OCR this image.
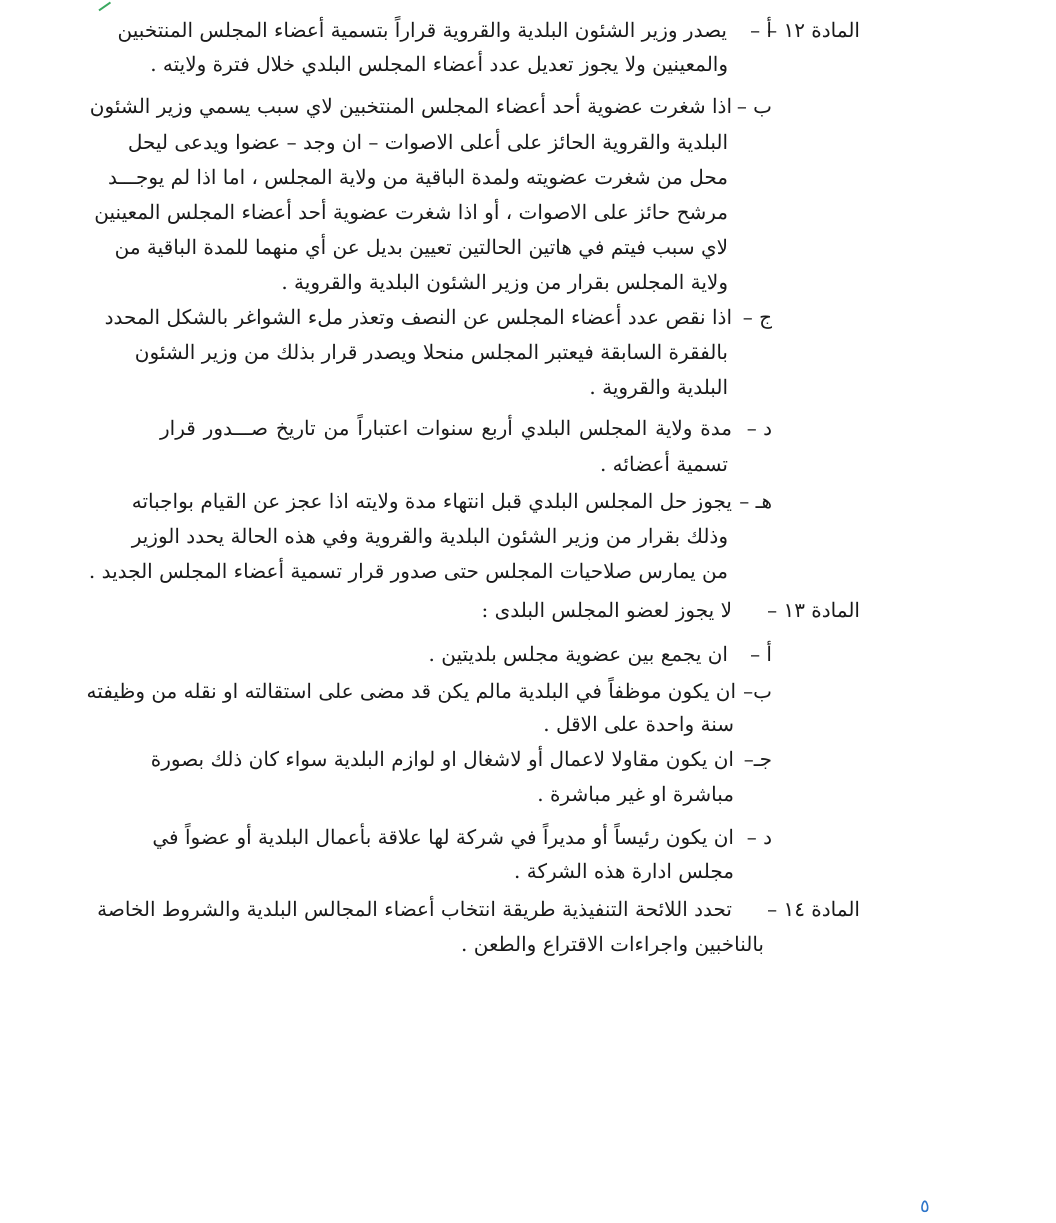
المادة ١٢ –
أ –
يصدر وزير الشئون البلدية والقروية قراراً بتسمية أعضاء المجلس المنتخبين
والمعينين ولا يجوز تعديل عدد أعضاء المجلس البلدي خلال فترة ولايته .
ب –
اذا شغرت عضوية أحد أعضاء المجلس المنتخبين لاي سبب يسمي وزير الشئون
البلدية والقروية الحائز على أعلى الاصوات – ان وجد – عضوا ويدعى ليحل
محل من شغرت عضويته ولمدة الباقية من ولاية المجلس ، اما اذا لم يوجـــد
مرشح حائز على الاصوات ، أو اذا شغرت عضوية أحد أعضاء المجلس المعينين
لاي سبب فيتم في هاتين الحالتين تعيين بديل عن أي منهما للمدة الباقية من
ولاية المجلس بقرار من وزير الشئون البلدية والقروية .
ج –
اذا نقص عدد أعضاء المجلس عن النصف وتعذر ملء الشواغر بالشكل المحدد
بالفقرة السابقة فيعتبر المجلس منحلا ويصدر قرار بذلك من وزير الشئون
البلدية والقروية .
د –
مدة ولاية المجلس البلدي أربع سنوات اعتباراً من تاريخ صـــدور قرار
تسمية أعضائه .
هـ –
يجوز حل المجلس البلدي قبل انتهاء مدة ولايته اذا عجز عن القيام بواجباته
وذلك بقرار من وزير الشئون البلدية والقروية وفي هذه الحالة يحدد الوزير
من يمارس صلاحيات المجلس حتى صدور قرار تسمية أعضاء المجلس الجديد .
المادة ١٣ –
لا يجوز لعضو المجلس البلدى :
أ –
ان يجمع بين عضوية مجلس بلديتين .
ب–
ان يكون موظفاً في البلدية مالم يكن قد مضى على استقالته او نقله من وظيفته
سنة واحدة على الاقل .
جـ–
ان يكون مقاولا لاعمال أو لاشغال او لوازم البلدية سواء كان ذلك بصورة
مباشرة او غير مباشرة .
د –
ان يكون رئيساً أو مديراً في شركة لها علاقة بأعمال البلدية أو عضواً في
مجلس ادارة هذه الشركة .
المادة ١٤ –
تحدد اللائحة التنفيذية طريقة انتخاب أعضاء المجالس البلدية والشروط الخاصة
بالناخبين واجراءات الاقتراع والطعن .
٥
